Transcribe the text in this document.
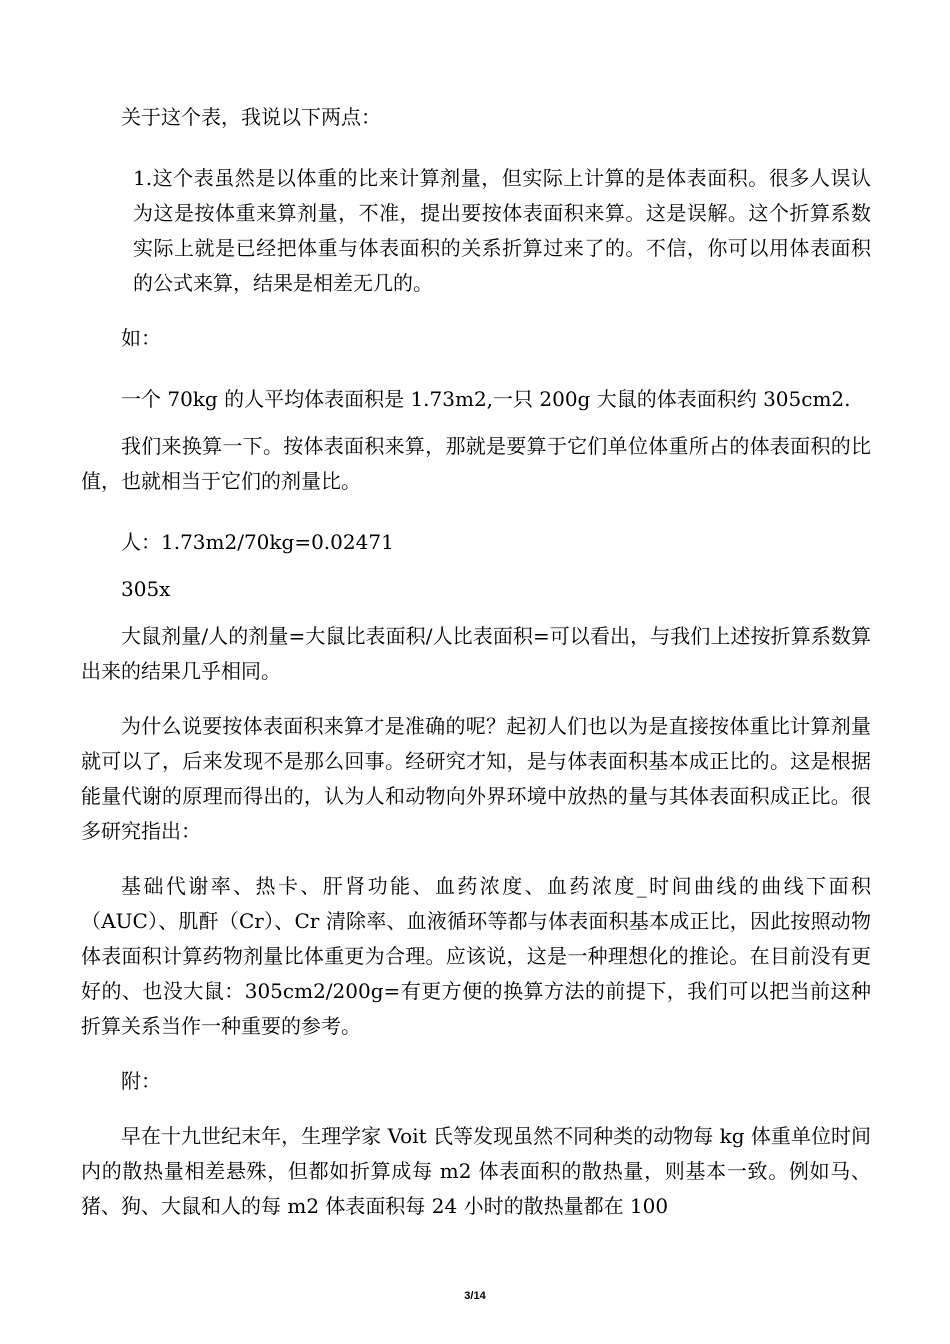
关于这个表，我说以下两点：

1.这个表虽然是以体重的比来计算剂量，但实际上计算的是体表面积。很多人误认为这是按体重来算剂量，不准，提出要按体表面积来算。这是误解。这个折算系数实际上就是已经把体重与体表面积的关系折算过来了的。不信，你可以用体表面积的公式来算，结果是相差无几的。

如：

一个 70kg 的人平均体表面积是 1.73m2,一只 200g 大鼠的体表面积约 305cm2.

我们来换算一下。按体表面积来算，那就是要算于它们单位体重所占的体表面积的比值，也就相当于它们的剂量比。

人：1.73m2/70kg=0.02471

305x

大鼠剂量/人的剂量=大鼠比表面积/人比表面积=可以看出，与我们上述按折算系数算出来的结果几乎相同。

为什么说要按体表面积来算才是准确的呢？起初人们也以为是直接按体重比计算剂量就可以了，后来发现不是那么回事。经研究才知，是与体表面积基本成正比的。这是根据能量代谢的原理而得出的，认为人和动物向外界环境中放热的量与其体表面积成正比。很多研究指出：

基础代谢率、热卡、肝肾功能、血药浓度、血药浓度_时间曲线的曲线下面积（AUC）、肌酐（Cr）、Cr 清除率、血液循环等都与体表面积基本成正比，因此按照动物体表面积计算药物剂量比体重更为合理。应该说，这是一种理想化的推论。在目前没有更好的、也没大鼠：305cm2/200g=有更方便的换算方法的前提下，我们可以把当前这种折算关系当作一种重要的参考。

附：

早在十九世纪末年，生理学家 Voit 氏等发现虽然不同种类的动物每 kg 体重单位时间内的散热量相差悬殊，但都如折算成每 m2 体表面积的散热量，则基本一致。例如马、猪、狗、大鼠和人的每 m2 体表面积每 24 小时的散热量都在 100

3/14
